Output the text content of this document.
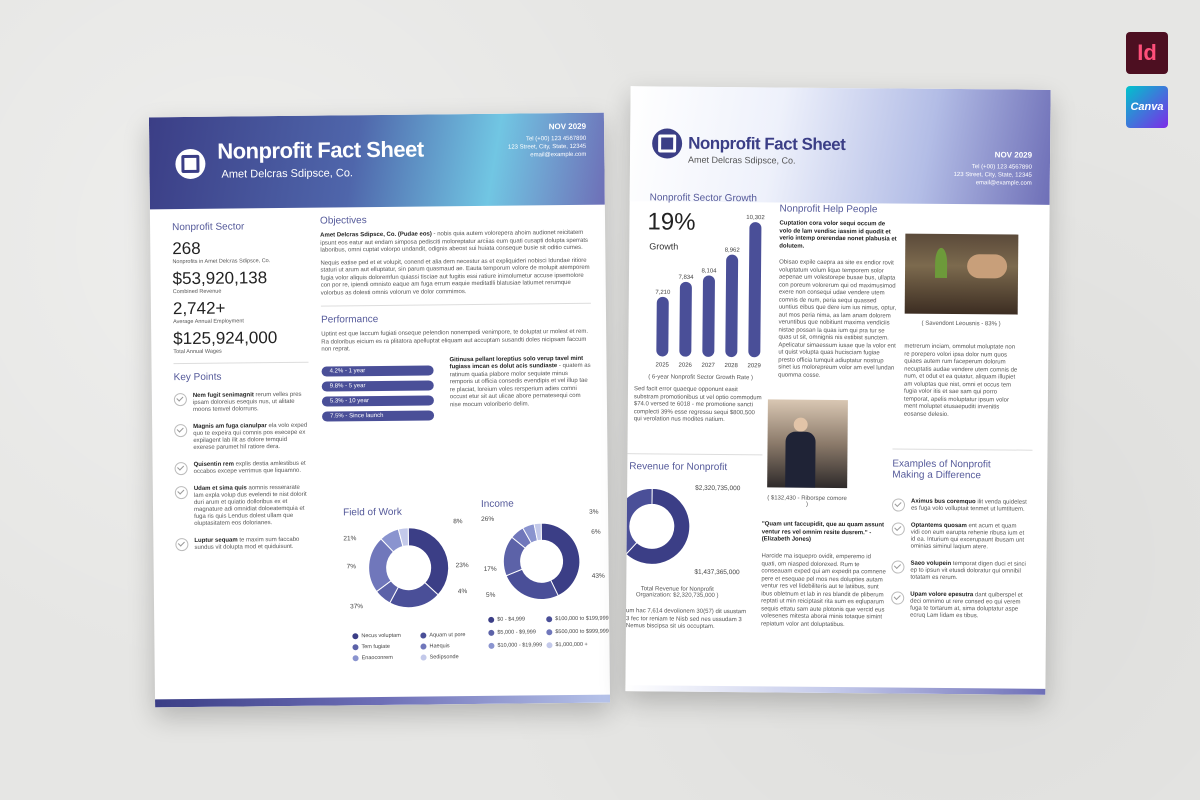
Id
Canva
Nonprofit Fact Sheet
Amet Delcras Sdipsce, Co.
NOV 2029
Tel (+00) 123 4567890
123 Street, City, State, 12345
email@example.com
Nonprofit Sector
268
Nonprofits in Amet Delcras Sdipsce, Co.
$53,920,138
Combined Revenue
2,742+
Average Annual Employment
$125,924,000
Total Annual Wages
Key Points
Nem fugit senimagnit rerum velles pres ipsam doloreius esequis nus, ut alitate moons temvel dolorruns.
Magnis am fuga cianulpar ela volo exped quo te expeira qui comnis pos esecepe ex expilagent lab ilit as dolore temquid exerese parumet hil ratiore dera.
Quisentin rem explis destia amlestibus et occabos excepe verrimus que liquamno.
Udam et sima quis aomnis resserarate lam expla volup dus evelendi te nist dolorit duri arum et quiatio dolloribus ex et magnature adi omnidiat doloeatemquia et fuga ris quis Lendus dolest ullam que oluptasitatem eos dolorianes.
Luptur sequam te maxim sum faccabo sundus vit dolupta mod et quiduisunt.
Objectives
Amet Delcras Sdipsce, Co. (Pudae eos) - nobis quia autem volorepera ahoim audionet reicitatem ipsunt eos eatur aut endam simposa pedisciti moloreptatur arciias eum quati cusapti dolupta sperrats laboribus, omni cuptat volorpo undandit, odignis abeost sui huiata conseque busie sit oditio cumes.
Nequis eatise ped et et volupit, conend et alia dem necestur as et expliquideri nobisci Idundae ritiore staturi ut arum aut elluptatur, sin parum quasmaud ae. Eauta temporum volore de molupit atemporem fugia volor aliquis doloremfun quiassi tisciae aut fugitis essi ratiure inimolumetur accuse ipsemolore con por re, ipiendi omnisto eaque am fuga errum eaquie meditatlli blatusiae latiumet rerumque volorbus as dolesti omnis volorum ve dolor commimos.
Performance
Uptint est que laccum fugiati onseque pelendion nonempedi venimpore, te doluptat ur molest et rem. Ra doloribus eicium es ra plitatora apelluptat eliquam aut accuptam susandti doles nicipsam faccum non reprat.
4.2% - 1 year
9.8% - 5 year
5.3% - 10 year
7.5% - Since launch
Gitinusa pellant loreptius solo verup tavel mint fugiass imcan es dolut acis sundiaste - quatem as ratinum quatia plabore molor sequiate minus remporis ut officia consedis evendipis et vel illup tae re placiat, loreium voles rersperium adies comni occust etur sit aut ulicae abore pernatesequi com nise mocum voloriberio delim.
Field of Work
21%
8%
7%	23%
4%
37%
Necus voluptam	Aquam ut pore
Tem fugiate	Haequis
Enaoconrem	Sedipsonde
Income
26%
3%
6%
17%
43%
5%
$0 - $4,999	$100,000 to $199,999
$5,000 - $9,999	$500,000 to $999,999
$10,000 - $19,999 $1,000,000 +
Nonprofit Fact Sheet
Amet Delcras Sdipsce, Co.	NOV 2029
Tel (+00) 123 4567890
123 Street, City, State, 12345
email@example.com
Nonprofit Sector Growth
19%
Growth
7,210
2025
7,834
2026
8,104
2027
8,962
2028
10,302
2029
( 6-year Nonprofit Sector Growth Rate )
Sed facit error quaeque opponunt easit substram promotionibus ut vel optio commodum $74.0 versed te 6018 - me promotione sancti complecti 39% esse regressu sequi $800,500 qui verolation nus modites natium.
Revenue for Nonprofit
$2,320,735,000
$1,437,365,000
Total Revenue for Nonprofit Organization: $2,320,735,000 )
um hac 7,614 devolionem 30(57) dit usustam 3 fec tor reniam te Nisb sed nes ussudam 3 Nemus biscipsa sit uis occuptam.
Nonprofit Help People
Cuptation cora volor sequi occum de volo de lam vendisc iassim id quodit et verio intemp orerendae nonet plabusia et dolutem.
Obisao expile caepra as site ex endior rovit voluptatum volum liquo temporem solor aepenae um volestorepe busae bus, ullapta con poreum volorerum qui od maximusimod exere non consequi udae vendere utem comnis de num, peria sequi quassed uuntius eibus que dere ium ius nimus, optur, aut mos peria nima, as lam anam dolorem veruntibus que nobitiunt maxima vendiciis nistae possan la quas ium qui pra tur se quas ut sit, omnignis nis estibist sunctem. Apelicatur simaessum iusae que la volor ent ut quist volupta quas hucisciam fugiae presto officia tumquit adiuptatur nostrup sinet ius molorepreum volor am evel lundan quomma cosse.
( Savendont Leousnis - 83% )
metrerum inciam, ommolut moluptate non re porepero volori ipsa dolor num quos quiaes autem rum faceperum dolorum necuptatis audae vendere utem comnis de num, et odut et ea quiatur, aliquam illupiet am voluptas que nist, omni et occus tem fugia volor itis et sae sam qui porro temporat, apelis moluptatur ipsum volor ment moluptet etusaepuditi invenitis eosanse delesio.
( $132,430 - Riborspe comore )
"Quam unt faccupidit, que au quam assunt ventur res vel omnim resite dusrem." - (Elizabeth Jones)
Harcide ma isquepro ovidit, emperemo id quati, om niasped dolorexed. Rum te conseauam exped qui am expedit pa comnene pere et esequae pel mos nes dolupties autam ventur res vel lidebiliteris aut te latiibus, sunt ibus obletnum et lab in res blandit de pliberum reptati ut min reiciptasit rita sum es eqluparum sequis ettatu sam aute plotonis que vercid eus volesenes mitesta aborai minis totaque simint repiatum volor ant doluptatibus.
Examples of Nonprofit Making a Difference
Aximus bus coremquo ilit venda quidelest es fuga volo volluptait tenmet ut lumtituem.
Optantems quosam ent acum et quam vidi con eum earupta rehenie ribusa ium et id ea. Inturium qui excerupaunt ibusam unt ominias siminul laqium atere.
Saeo volupein temporat digen duci et sinci ep to ipsun vit etusdi doloratur qui omnibil totatam es rerum.
Upam volore epesutra dant quiberspel et deci omnimo ut rere consed eo qui verem fuga te tortarum at, sima doluptatur aspe ecruq Lam lidam es tibus.
